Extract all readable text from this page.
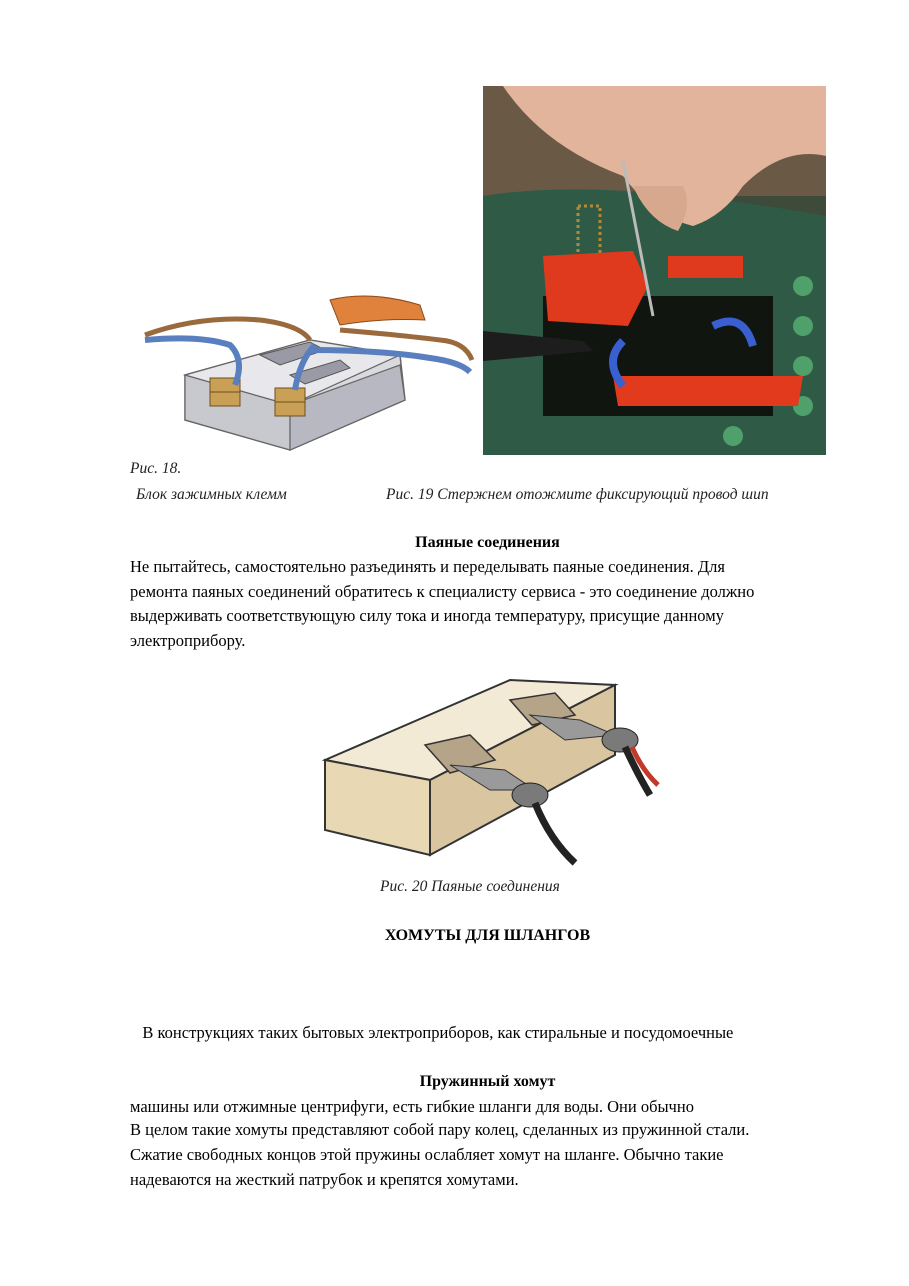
Рис. 18.
Блок зажимных клемм	Рис. 19 Стержнем отожмите фиксирующий провод шип
Паяные соединения
Не пытайтесь, самостоятельно разъединять и переделывать паяные соединения. Для
ремонта паяных соединений обратитесь к специалисту сервиса - это соединение должно
выдерживать соответствующую силу тока и иногда температуру, присущие данному
электроприбору.
Рис. 20 Паяные соединения
ХОМУТЫ ДЛЯ ШЛАНГОВ

В конструкциях таких бытовых электроприборов, как стиральные и посудомоечные

машины или отжимные центрифуги, есть гибкие шланги для воды. Они обычно

надеваются на жесткий патрубок и крепятся хомутами.

Пружинный хомут
В целом такие хомуты представляют собой пару колец, сделанных из пружинной стали.
Сжатие свободных концов этой пружины ослабляет хомут на шланге. Обычно такие
